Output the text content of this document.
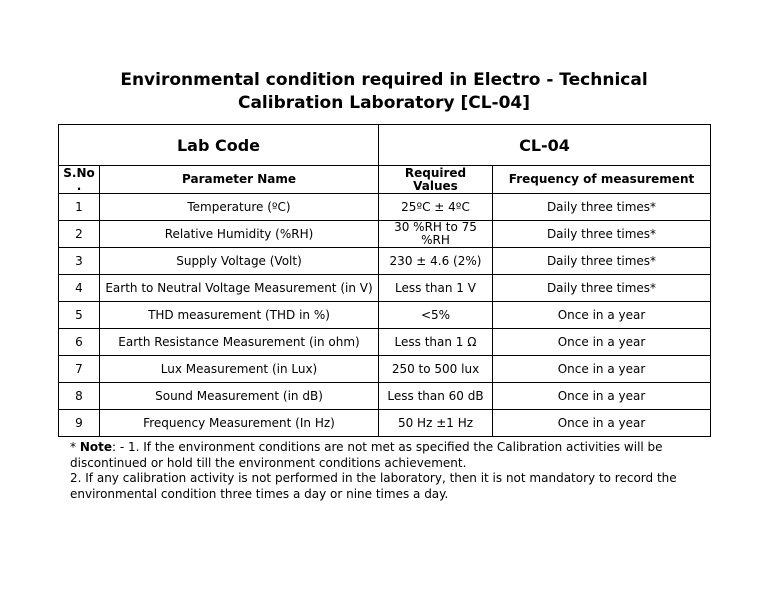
Environmental condition required in Electro - Technical
Calibration Laboratory [CL-04]
Lab Code		CL-04	
S.No .	Parameter Name	Required Values	Frequency of measurement
1	Temperature (ºC)	25ºC ± 4ºC	Daily three times*
2	Relative Humidity (%RH)	30 %RH to 75 %RH	Daily three times*
3	Supply Voltage (Volt)	230 ± 4.6 (2%)	Daily three times*
4	Earth to Neutral Voltage Measurement (in V)	Less than 1 V	Daily three times*
5	THD measurement (THD in %)	<5%	Once in a year
6	Earth Resistance Measurement (in ohm)	Less than 1 Ω	Once in a year
7	Lux Measurement (in Lux)	250 to 500 lux	Once in a year
8	Sound Measurement (in dB)	Less than 60 dB	Once in a year
9	Frequency Measurement (In Hz)	50 Hz ±1 Hz	Once in a year
* Note: - 1. If the environment conditions are not met as specified the Calibration activities will be discontinued or hold till the environment conditions achievement.
2. If any calibration activity is not performed in the laboratory, then it is not mandatory to record the environmental condition three times a day or nine times a day.
